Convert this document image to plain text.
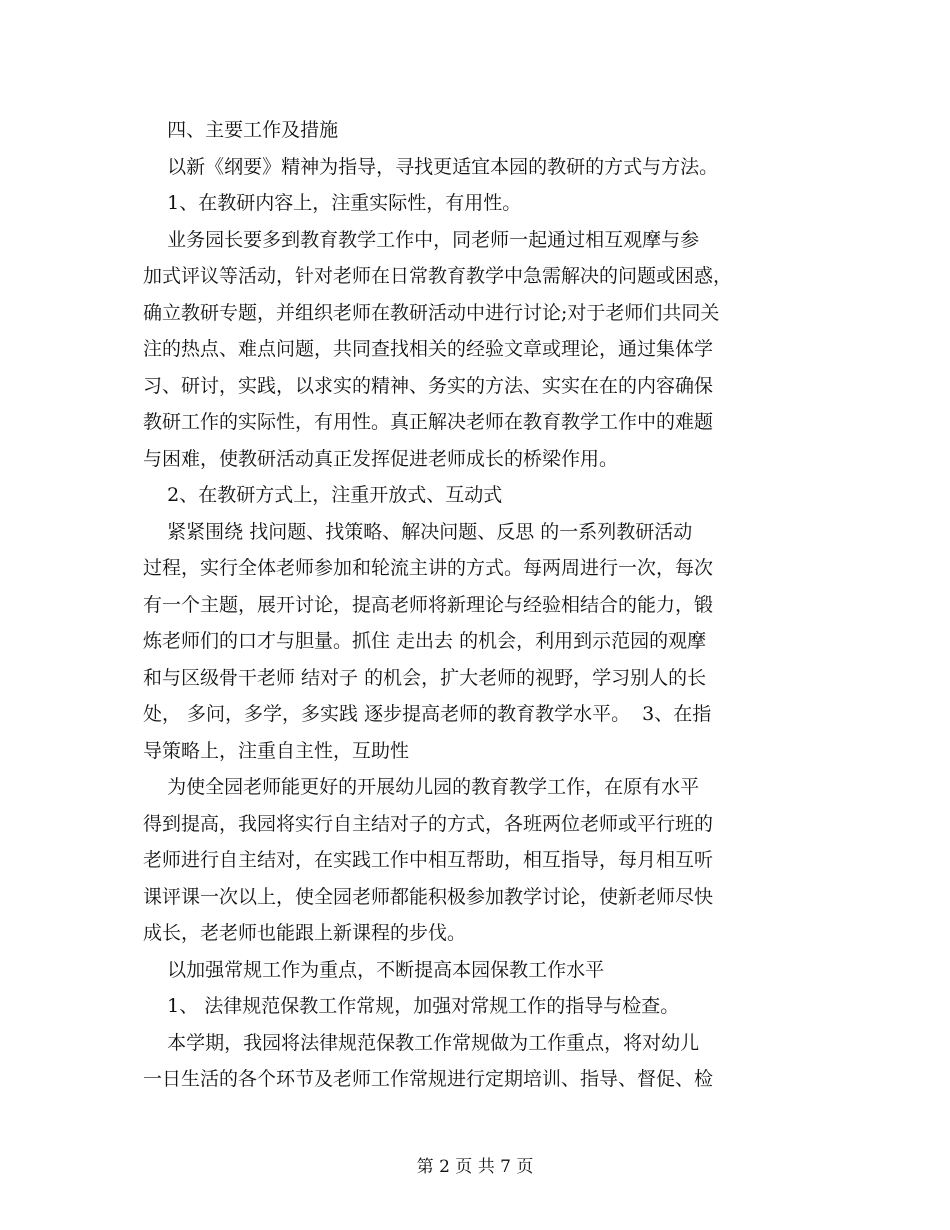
四、主要工作及措施
以新《纲要》精神为指导，寻找更适宜本园的教研的方式与方法。
1、在教研内容上，注重实际性，有用性。
业务园长要多到教育教学工作中，同老师一起通过相互观摩与参
加式评议等活动，针对老师在日常教育教学中急需解决的问题或困惑，
确立教研专题，并组织老师在教研活动中进行讨论;对于老师们共同关
注的热点、难点问题，共同查找相关的经验文章或理论，通过集体学
习、研讨，实践，以求实的精神、务实的方法、实实在在的内容确保
教研工作的实际性，有用性。真正解决老师在教育教学工作中的难题
与困难，使教研活动真正发挥促进老师成长的桥梁作用。
2、在教研方式上，注重开放式、互动式
紧紧围绕 找问题、找策略、解决问题、反思 的一系列教研活动
过程，实行全体老师参加和轮流主讲的方式。每两周进行一次，每次
有一个主题，展开讨论，提高老师将新理论与经验相结合的能力，锻
炼老师们的口才与胆量。抓住 走出去 的机会，利用到示范园的观摩
和与区级骨干老师 结对子 的机会，扩大老师的视野，学习别人的长
处， 多问，多学，多实践 逐步提高老师的教育教学水平。  3、在指
导策略上，注重自主性，互助性
为使全园老师能更好的开展幼儿园的教育教学工作，在原有水平
得到提高，我园将实行自主结对子的方式，各班两位老师或平行班的
老师进行自主结对，在实践工作中相互帮助，相互指导，每月相互听
课评课一次以上，使全园老师都能积极参加教学讨论，使新老师尽快
成长，老老师也能跟上新课程的步伐。
以加强常规工作为重点，不断提高本园保教工作水平
1、 法律规范保教工作常规，加强对常规工作的指导与检查。
本学期，我园将法律规范保教工作常规做为工作重点，将对幼儿
一日生活的各个环节及老师工作常规进行定期培训、指导、督促、检
第 2 页 共 7 页
